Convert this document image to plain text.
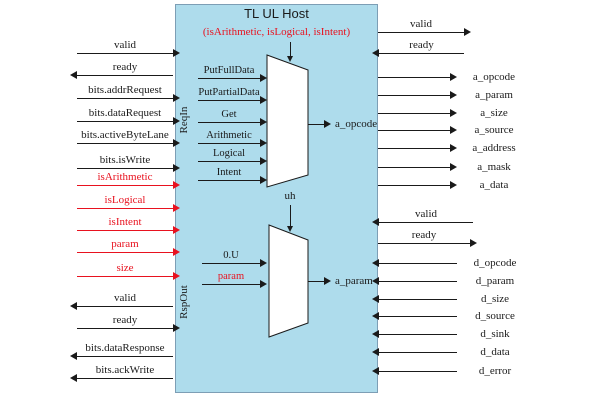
TL UL Host
(isArithmetic, isLogical, isIntent)
ReqIn
RspOut
valid
ready
bits.addrRequest
bits.dataRequest
bits.activeByteLane
bits.isWrite
isArithmetic
isLogical
isIntent
param
size
valid
ready
bits.dataResponse
bits.ackWrite
valid
ready
a_opcode
a_param
a_size
a_source
a_address
a_mask
a_data
valid
ready
d_opcode
d_param
d_size
d_source
d_sink
d_data
d_error
PutFullData
PutPartialData
Get
Arithmetic
Logical
Intent
a_opcode
uh
0.U
param	a_param
